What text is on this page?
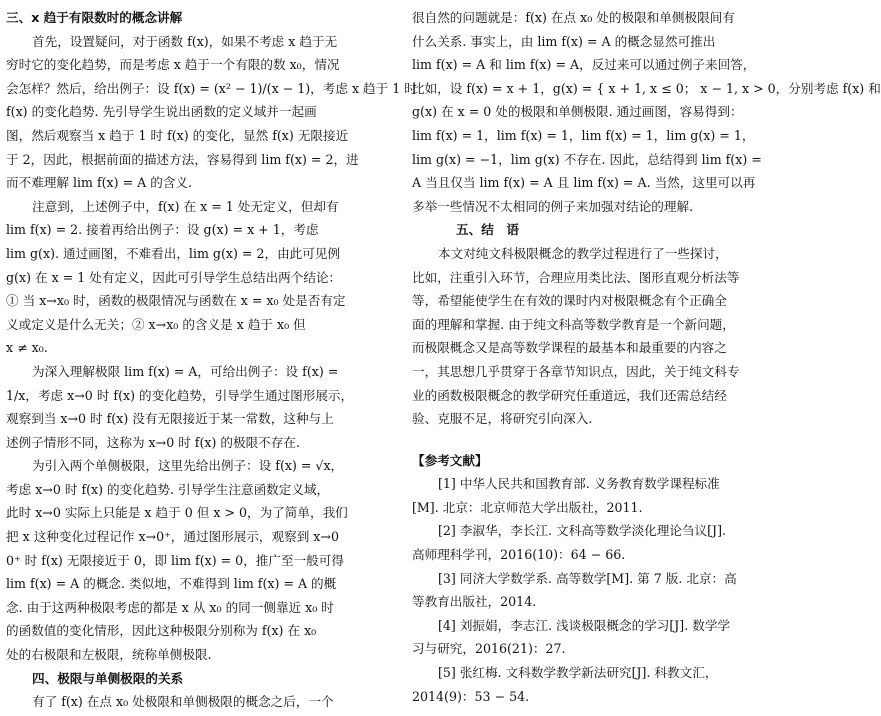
三、x 趋于有限数时的概念讲解
首先，设置疑问，对于函数 f(x)，如果不考虑 x 趋于无
穷时它的变化趋势，而是考虑 x 趋于一个有限的数 x₀，情况
会怎样？然后，给出例子：设 f(x) = (x² − 1)/(x − 1)，考虑 x 趋于 1 时
f(x) 的变化趋势. 先引导学生说出函数的定义域并一起画
图，然后观察当 x 趋于 1 时 f(x) 的变化，显然 f(x) 无限接近
于 2，因此，根据前面的描述方法，容易得到 lim f(x) = 2，进
而不难理解 lim f(x) = A 的含义.
注意到，上述例子中，f(x) 在 x = 1 处无定义，但却有
lim f(x) = 2. 接着再给出例子：设 g(x) = x + 1，考虑
lim g(x). 通过画图，不难看出，lim g(x) = 2，由此可见例
g(x) 在 x = 1 处有定义，因此可引导学生总结出两个结论：
① 当 x→x₀ 时，函数的极限情况与函数在 x = x₀ 处是否有定
义或定义是什么无关；② x→x₀ 的含义是 x 趋于 x₀ 但
x ≠ x₀.
为深入理解极限 lim f(x) = A，可给出例子：设 f(x) =
1/x，考虑 x→0 时 f(x) 的变化趋势，引导学生通过图形展示，
观察到当 x→0 时 f(x) 没有无限接近于某一常数，这种与上
述例子情形不同，这称为 x→0 时 f(x) 的极限不存在.
为引入两个单侧极限，这里先给出例子：设 f(x) = √x，
考虑 x→0 时 f(x) 的变化趋势. 引导学生注意函数定义域，
此时 x→0 实际上只能是 x 趋于 0 但 x > 0，为了简单，我们
把 x 这种变化过程记作 x→0⁺，通过图形展示，观察到 x→0
0⁺ 时 f(x) 无限接近于 0，即 lim f(x) = 0，推广至一般可得
lim f(x) = A 的概念. 类似地，不难得到 lim f(x) = A 的概
念. 由于这两种极限考虑的都是 x 从 x₀ 的同一侧靠近 x₀ 时
的函数值的变化情形，因此这种极限分别称为 f(x) 在 x₀
处的右极限和左极限，统称单侧极限.
四、极限与单侧极限的关系
有了 f(x) 在点 x₀ 处极限和单侧极限的概念之后，一个
很自然的问题就是：f(x) 在点 x₀ 处的极限和单侧极限间有
什么关系. 事实上，由 lim f(x) = A 的概念显然可推出
lim f(x) = A 和 lim f(x) = A，反过来可以通过例子来回答，
比如，设 f(x) = x + 1，g(x) = { x + 1, x ≤ 0； x − 1, x > 0，分别考虑 f(x) 和
g(x) 在 x = 0 处的极限和单侧极限. 通过画图，容易得到：
lim f(x) = 1，lim f(x) = 1，lim f(x) = 1，lim g(x) = 1，
lim g(x) = −1，lim g(x) 不存在. 因此，总结得到 lim f(x) =
A 当且仅当 lim f(x) = A 且 lim f(x) = A. 当然，这里可以再
多举一些情况不太相同的例子来加强对结论的理解.
五、结　语
本文对纯文科极限概念的教学过程进行了一些探讨，
比如，注重引入环节，合理应用类比法、图形直观分析法等
等，希望能使学生在有效的课时内对极限概念有个正确全
面的理解和掌握. 由于纯文科高等数学教育是一个新问题，
而极限概念又是高等数学课程的最基本和最重要的内容之
一，其思想几乎贯穿于各章节知识点，因此，关于纯文科专
业的函数极限概念的教学研究任重道远，我们还需总结经
验、克服不足，将研究引向深入.
【参考文献】
[1] 中华人民共和国教育部. 义务教育数学课程标准
[M]. 北京：北京师范大学出版社，2011.
[2] 李淑华，李长江. 文科高等数学淡化理论刍议[J].
高师理科学刊，2016(10)：64 − 66.
[3] 同济大学数学系. 高等数学[M]. 第 7 版. 北京：高
等教育出版社，2014.
[4] 刘振娟，李志江. 浅谈极限概念的学习[J]. 数学学
习与研究，2016(21)：27.
[5] 张红梅. 文科数学教学新法研究[J]. 科教文汇，
2014(9)：53 − 54.
